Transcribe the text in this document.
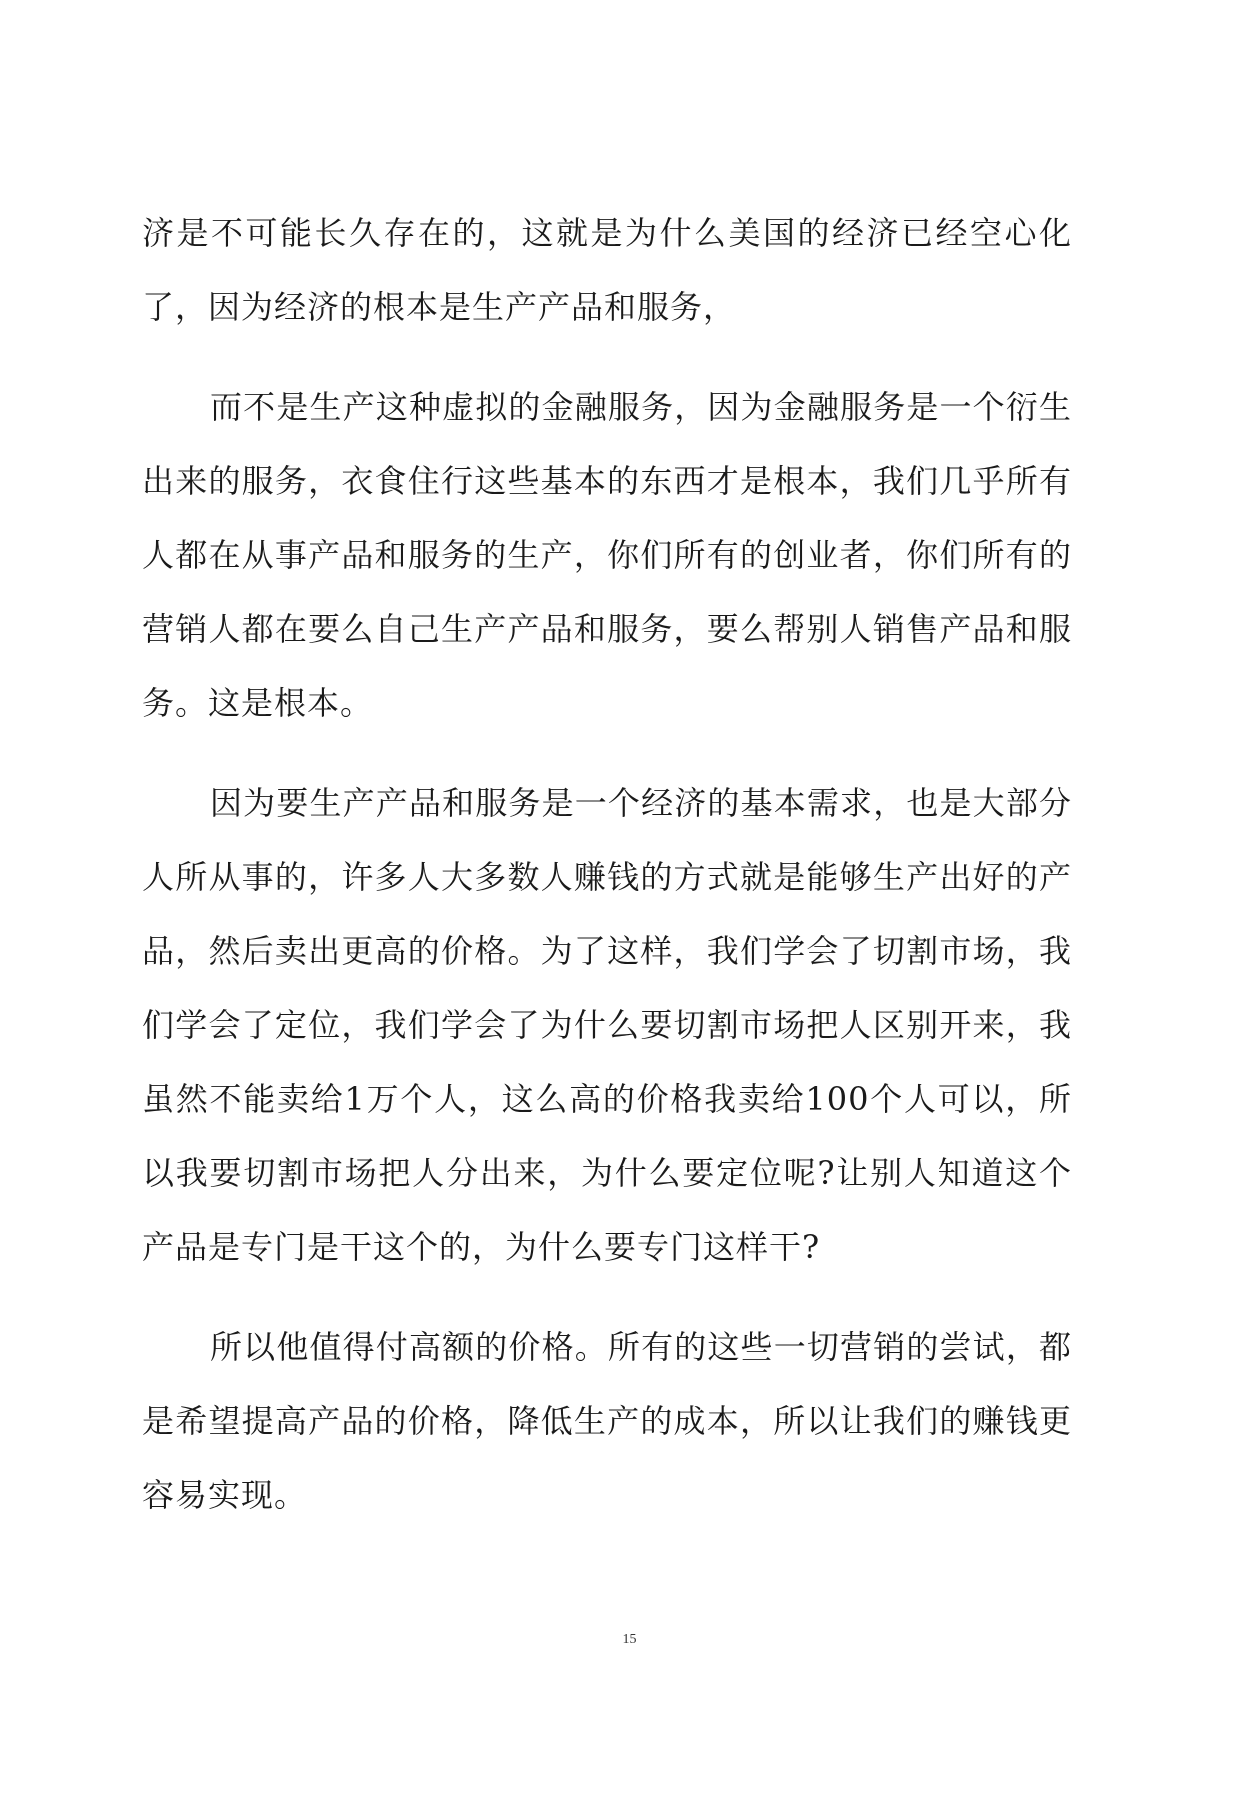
济是不可能长久存在的，这就是为什么美国的经济已经空心化了，因为经济的根本是生产产品和服务，

而不是生产这种虚拟的金融服务，因为金融服务是一个衍生出来的服务，衣食住行这些基本的东西才是根本，我们几乎所有人都在从事产品和服务的生产，你们所有的创业者，你们所有的营销人都在要么自己生产产品和服务，要么帮别人销售产品和服务。这是根本。

因为要生产产品和服务是一个经济的基本需求，也是大部分人所从事的，许多人大多数人赚钱的方式就是能够生产出好的产品，然后卖出更高的价格。为了这样，我们学会了切割市场，我们学会了定位，我们学会了为什么要切割市场把人区别开来，我虽然不能卖给1万个人，这么高的价格我卖给100个人可以，所以我要切割市场把人分出来，为什么要定位呢?让别人知道这个产品是专门是干这个的，为什么要专门这样干?

所以他值得付高额的价格。所有的这些一切营销的尝试，都是希望提高产品的价格，降低生产的成本，所以让我们的赚钱更容易实现。

15
